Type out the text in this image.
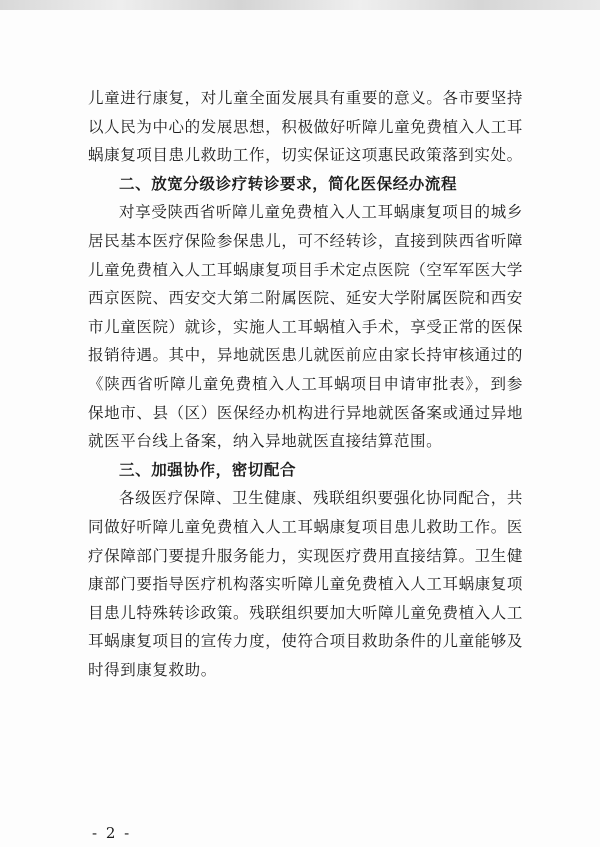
儿童进行康复，对儿童全面发展具有重要的意义。各市要坚持以人民为中心的发展思想，积极做好听障儿童免费植入人工耳蜗康复项目患儿救助工作，切实保证这项惠民政策落到实处。

二、放宽分级诊疗转诊要求，简化医保经办流程

对享受陕西省听障儿童免费植入人工耳蜗康复项目的城乡居民基本医疗保险参保患儿，可不经转诊，直接到陕西省听障儿童免费植入人工耳蜗康复项目手术定点医院（空军军医大学西京医院、西安交大第二附属医院、延安大学附属医院和西安市儿童医院）就诊，实施人工耳蜗植入手术，享受正常的医保报销待遇。其中，异地就医患儿就医前应由家长持审核通过的《陕西省听障儿童免费植入人工耳蜗项目申请审批表》，到参保地市、县（区）医保经办机构进行异地就医备案或通过异地就医平台线上备案，纳入异地就医直接结算范围。

三、加强协作，密切配合

各级医疗保障、卫生健康、残联组织要强化协同配合，共同做好听障儿童免费植入人工耳蜗康复项目患儿救助工作。医疗保障部门要提升服务能力，实现医疗费用直接结算。卫生健康部门要指导医疗机构落实听障儿童免费植入人工耳蜗康复项目患儿特殊转诊政策。残联组织要加大听障儿童免费植入人工耳蜗康复项目的宣传力度，使符合项目救助条件的儿童能够及时得到康复救助。

- 2 -
